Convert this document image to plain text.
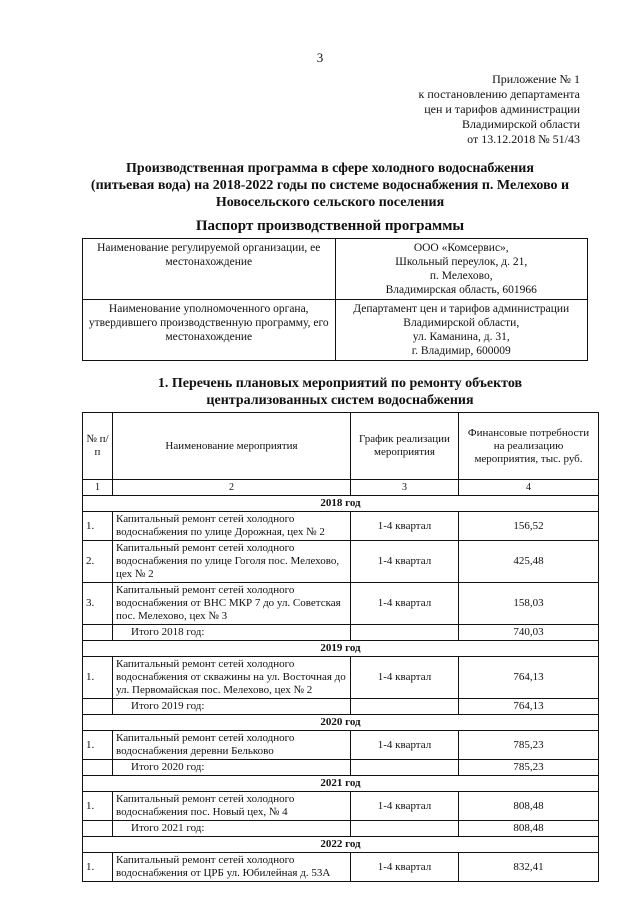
3
Приложение № 1
к постановлению департамента
цен и тарифов администрации
Владимирской области
от 13.12.2018 № 51/43
Производственная программа в сфере холодного водоснабжения
(питьевая вода) на 2018-2022 годы по системе водоснабжения п. Мелехово и
Новосельского сельского поселения
Паспорт производственной программы
Наименование регулируемой организации, ее местонахождение	ООО «Комсервис»,
Школьный переулок, д. 21,
п. Мелехово,
Владимирская область, 601966

Наименование уполномоченного органа, утвердившего производственную программу, его местонахождение	Департамент цен и тарифов администрации
Владимирской области,
ул. Каманина, д. 31,
г. Владимир, 600009
1. Перечень плановых мероприятий по ремонту объектов
централизованных систем водоснабжения
№ п/п	Наименование мероприятия	График реализации мероприятия	Финансовые потребности на реализацию мероприятия, тыс. руб.
1	2	3	4
2018 год			
1.	Капитальный ремонт сетей холодного водоснабжения по улице Дорожная, цех № 2	1-4 квартал	156,52
2.	Капитальный ремонт сетей холодного водоснабжения по улице Гоголя пос. Мелехово, цех № 2	1-4 квартал	425,48
3.	Капитальный ремонт сетей холодного водоснабжения от ВНС МКР 7 до ул. Советская пос. Мелехово, цех № 3	1-4 квартал	158,03
	Итого 2018 год:		740,03
2019 год			
1.	Капитальный ремонт сетей холодного водоснабжения от скважины на ул. Восточная до ул. Первомайская пос. Мелехово, цех № 2	1-4 квартал	764,13
	Итого 2019 год:		764,13
2020 год			
1.	Капитальный ремонт сетей холодного водоснабжения деревни Бельково	1-4 квартал	785,23
	Итого 2020 год:		785,23
2021 год			
1.	Капитальный ремонт сетей холодного водоснабжения пос. Новый цех, № 4	1-4 квартал	808,48
	Итого 2021 год:		808,48
2022 год			
1.	Капитальный ремонт сетей холодного водоснабжения от ЦРБ ул. Юбилейная д. 53А	1-4 квартал	832,41
